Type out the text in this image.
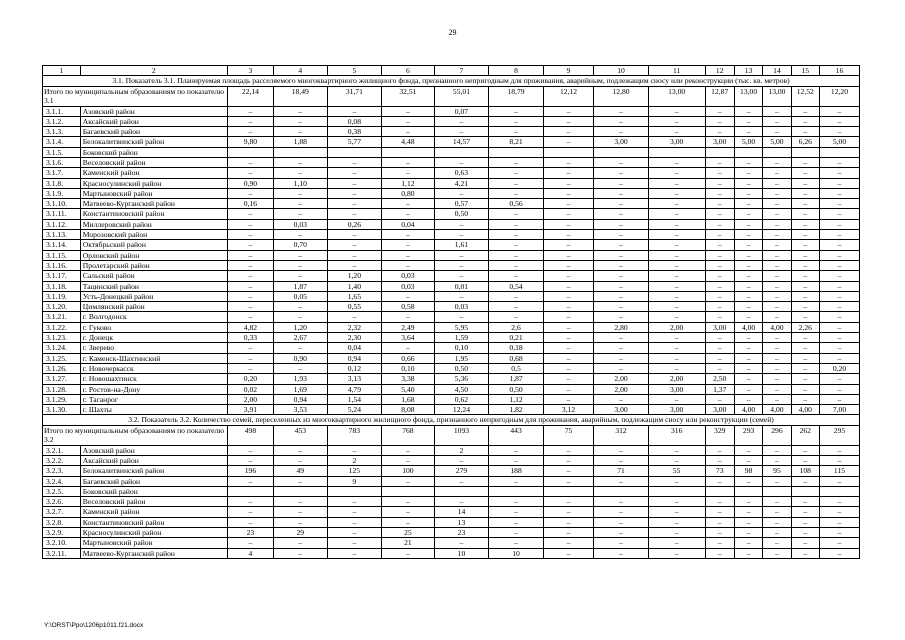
29
1	2	3	4	5	6	7	8	9	10	11	12	13	14	15	16
3.1. Показатель 3.1. Планируемая площадь расселяемого многоквартирного жилищного фонда, признанного непригодным для проживания, аварийным, подлежащим сносу или реконструкции (тыс. кв. метров)															
Итого по муниципальным образованиям по показателю 3.1		22,14	18,49	31,71	32,51	55,01	18,79	12,12	12,80	13,00	12,87	13,00	13,00	12,52	12,20
3.1.1.	Азовский район	–	–	–	–	0,07	–	–	–	–	–	–	–	–	–
3.1.2.	Аксайский район	–	–	0,08	–	–	–	–	–	–	–	–	–	–	–
3.1.3.	Багаевский район	–	–	0,38	–	–	–	–	–	–	–	–	–	–	–
3.1.4.	Белокалитвинский район	9,80	1,88	5,77	4,48	14,57	8,21	–	3,00	3,00	3,00	5,00	5,00	6,26	5,00
3.1.5.	Боковский район														
3.1.6.	Веселовский район	–	–	–	–	–	–	–	–	–	–	–	–	–	–
3.1.7.	Каменский район	–	–	–	–	0,63	–	–	–	–	–	–	–	–	–
3.1.8.	Красносулинский район	0,90	1,10	–	1,12	4,21	–	–	–	–	–	–	–	–	–
3.1.9.	Мартыновский район	–	–	–	0,80	–	–	–	–	–	–	–	–	–	–
3.1.10.	Матвеево-Курганский район	0,16	–	–	–	0,57	0,56	–	–	–	–	–	–	–	–
3.1.11.	Константиновский район	–	–	–	–	0,50	–	–	–	–	–	–	–	–	–
3.1.12.	Миллеровский район	–	0,03	0,26	0,04	–	–	–	–	–	–	–	–	–	–
3.1.13.	Морозовский район	–	–	–	–	–	–	–	–	–	–	–	–	–	–
3.1.14.	Октябрьский район	–	0,70	–	–	1,61	–	–	–	–	–	–	–	–	–
3.1.15.	Орловский район	–	–	–	–	–	–	–	–	–	–	–	–	–	–
3.1.16.	Пролетарский район	–	–	–	–	–	–	–	–	–	–	–	–	–	–
3.1.17.	Сальский район	–	–	1,20	0,03	–	–	–	–	–	–	–	–	–	–
3.1.18.	Тацинский район	–	1,87	1,40	0,03	0,01	0,54	–	–	–	–	–	–	–	–
3.1.19.	Усть-Донецкий район	–	0,05	1,65	–	–	–	–	–	–	–	–	–	–	–
3.1.20.	Цимлянский район	–	–	0,55	0,58	0,03	–	–	–	–	–	–	–	–	–
3.1.21.	г. Волгодонск	–	–	–	–	–	–	–	–	–	–	–	–	–	–
3.1.22.	г. Гуково	4,82	1,20	2,32	2,49	5,95	2,6	–	2,80	2,00	3,00	4,00	4,00	2,26	–
3.1.23.	г. Донецк	0,33	2,67	2,30	3,64	1,59	0,21	–	–	–	–	–	–	–	–
3.1.24.	г. Зверево	–	–	0,04	–	0,10	0,18	–	–	–	–	–	–	–	–
3.1.25.	г. Каменск-Шахтинский	–	0,90	0,94	0,66	1,95	0,68	–	–	–	–	–	–	–	–
3.1.26.	г. Новочеркасск	–	–	0,12	0,10	0,50	0,5	–	–	–	–	–	–	–	0,20
3.1.27.	г. Новошахтинск	0,20	1,93	3,13	3,38	5,36	1,87	–	2,00	2,00	2,50	–	–	–	–
3.1.28.	г. Ростов-на-Дону	0,02	1,69	4,79	5,40	4,50	0,50	–	2,00	3,00	1,37	–	–	–	–
3.1.29.	г. Таганрог	2,00	0,94	1,54	1,68	0,62	1,12	–	–	–	–	–	–	–	–
3.1.30.	г. Шахты	3,91	3,53	5,24	8,08	12,24	1,82	3,12	3,00	3,00	3,00	4,00	4,00	4,00	7,00
3.2. Показатель 3.2. Количество семей, переселенных из многоквартирного жилищного фонда, признанного непригодным для проживания, аварийным, подлежащим сносу или реконструкции (семей)															
Итого по муниципальным образованиям по показателю 3.2		498	453	783	768	1093	443	75	312	316	329	293	296	262	295
3.2.1.	Азовский район	–	–	–	–	2	–	–	–	–	–	–	–	–	–
3.2.2.	Аксайский район	–	–	2	–	–	–	–	–	–	–	–	–	–	–
3.2.3.	Белокалитвинский район	196	49	125	100	279	188	–	71	55	73	98	95	108	115
3.2.4.	Багаевский район	–	–	9	–	–	–	–	–	–	–	–	–	–	–
3.2.5.	Боковский район														
3.2.6.	Веселовский район	–	–	–	–	–	–	–	–	–	–	–	–	–	–
3.2.7.	Каменский район	–	–	–	–	14	–	–	–	–	–	–	–	–	–
3.2.8.	Константиновский район	–	–	–	–	13	–	–	–	–	–	–	–	–	–
3.2.9.	Красносулинский район	23	29	–	25	23	–	–	–	–	–	–	–	–	–
3.2.10.	Мартыновский район	–	–	–	21	–	–	–	–	–	–	–	–	–	–
3.2.11.	Матвеево-Курганский район	4	–	–	–	10	10	–	–	–	–	–	–	–	–
Y:\ORST\Ppo\1206p1011.f21.docx
